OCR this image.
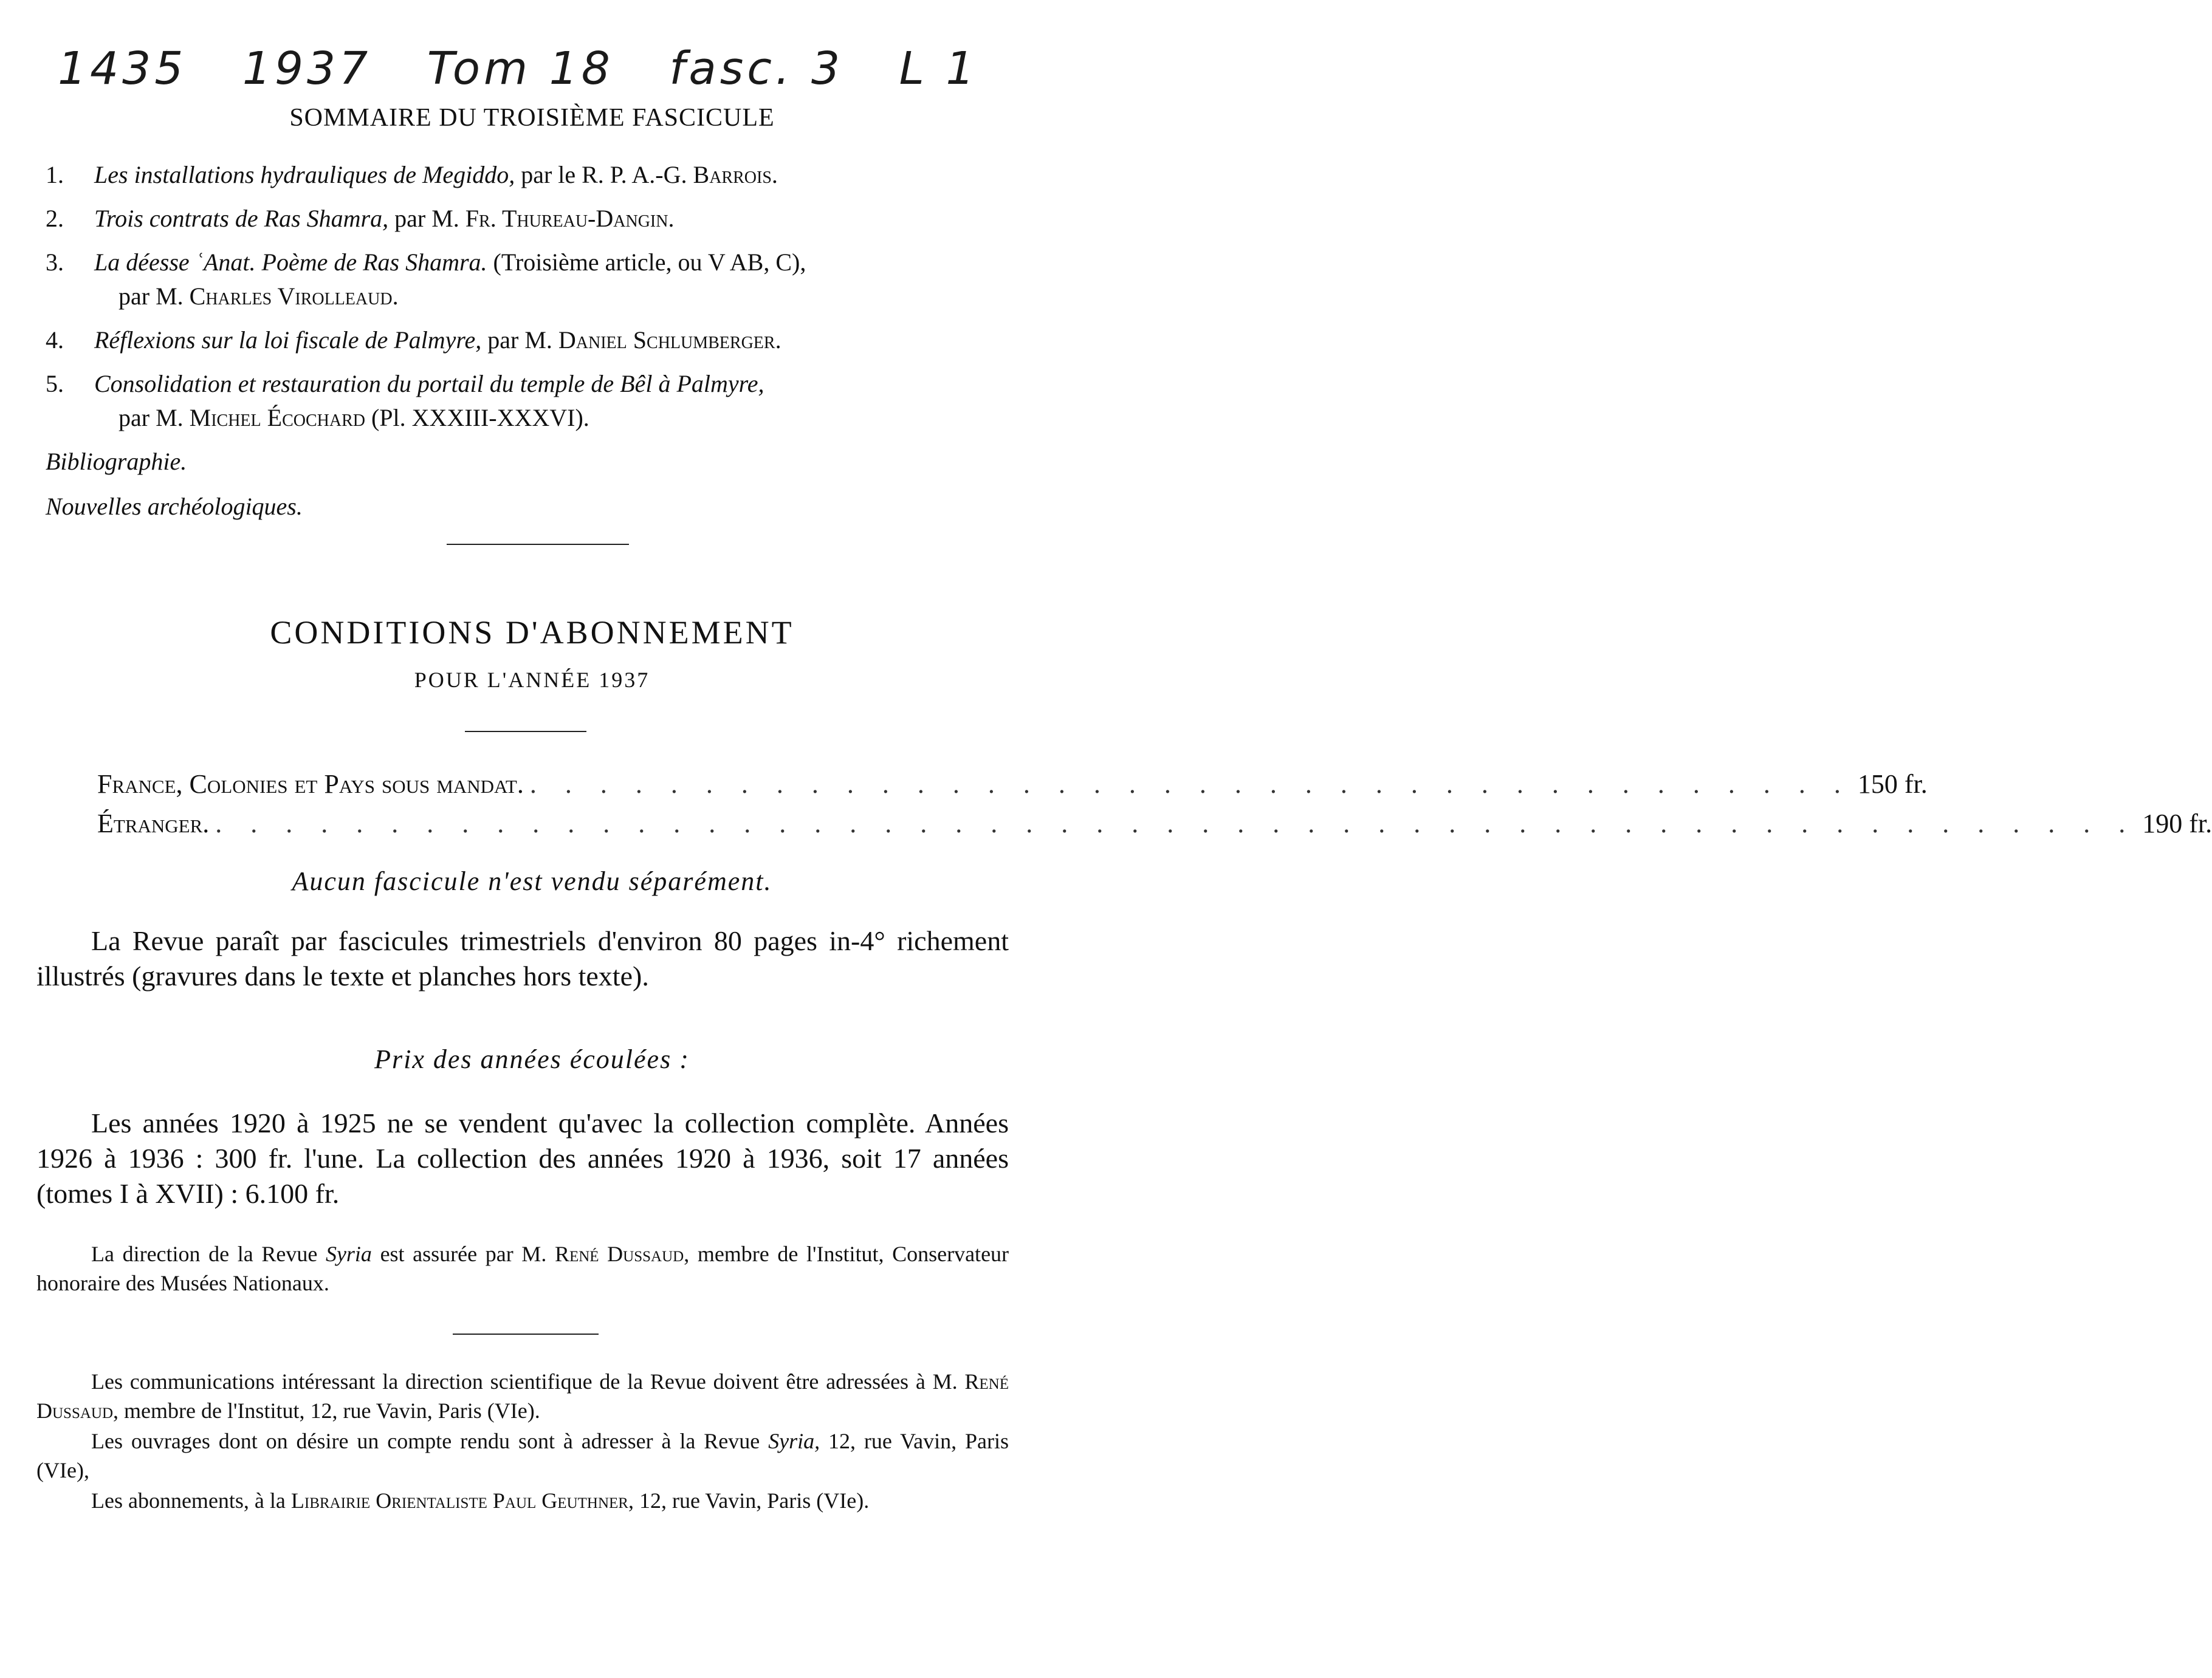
1435 1937 Tom 18 fasc. 3 L 1
SOMMAIRE DU TROISIÈME FASCICULE
1. Les installations hydrauliques de Megiddo, par le R. P. A.-G. Barrois.
2. Trois contrats de Ras Shamra, par M. Fr. Thureau-Dangin.
3. La déesse ʿAnat. Poème de Ras Shamra. (Troisième article, ou V AB, C),
par M. Charles Virolleaud.
4. Réflexions sur la loi fiscale de Palmyre, par M. Daniel Schlumberger.
5. Consolidation et restauration du portail du temple de Bêl à Palmyre,
par M. Michel Écochard (Pl. XXXIII-XXXVI).
Bibliographie.
Nouvelles archéologiques.
CONDITIONS D'ABONNEMENT
POUR L'ANNÉE 1937
France, Colonies et Pays sous mandat. . . . . . . . . . . . . . . . . . . . . . . . . . . . . . . . . . . . . . . 150 fr.
Étranger. . . . . . . . . . . . . . . . . . . . . . . . . . . . . . . . . . . . . . . . . . . . . . . . . . . . . . . . 190 fr.
Aucun fascicule n'est vendu séparément.
La Revue paraît par fascicules trimestriels d'environ 80 pages in-4° richement illustrés (gravures dans le texte et planches hors texte).
Prix des années écoulées :
Les années 1920 à 1925 ne se vendent qu'avec la collection complète. Années 1926 à 1936 : 300 fr. l'une. La collection des années 1920 à 1936, soit 17 années (tomes I à XVII) : 6.100 fr.
La direction de la Revue Syria est assurée par M. René Dussaud, membre de l'Institut, Conservateur honoraire des Musées Nationaux.
Les communications intéressant la direction scientifique de la Revue doivent être adressées à M. René Dussaud, membre de l'Institut, 12, rue Vavin, Paris (VIe).
Les ouvrages dont on désire un compte rendu sont à adresser à la Revue Syria, 12, rue Vavin, Paris (VIe),
Les abonnements, à la Librairie Orientaliste Paul Geuthner, 12, rue Vavin, Paris (VIe).
